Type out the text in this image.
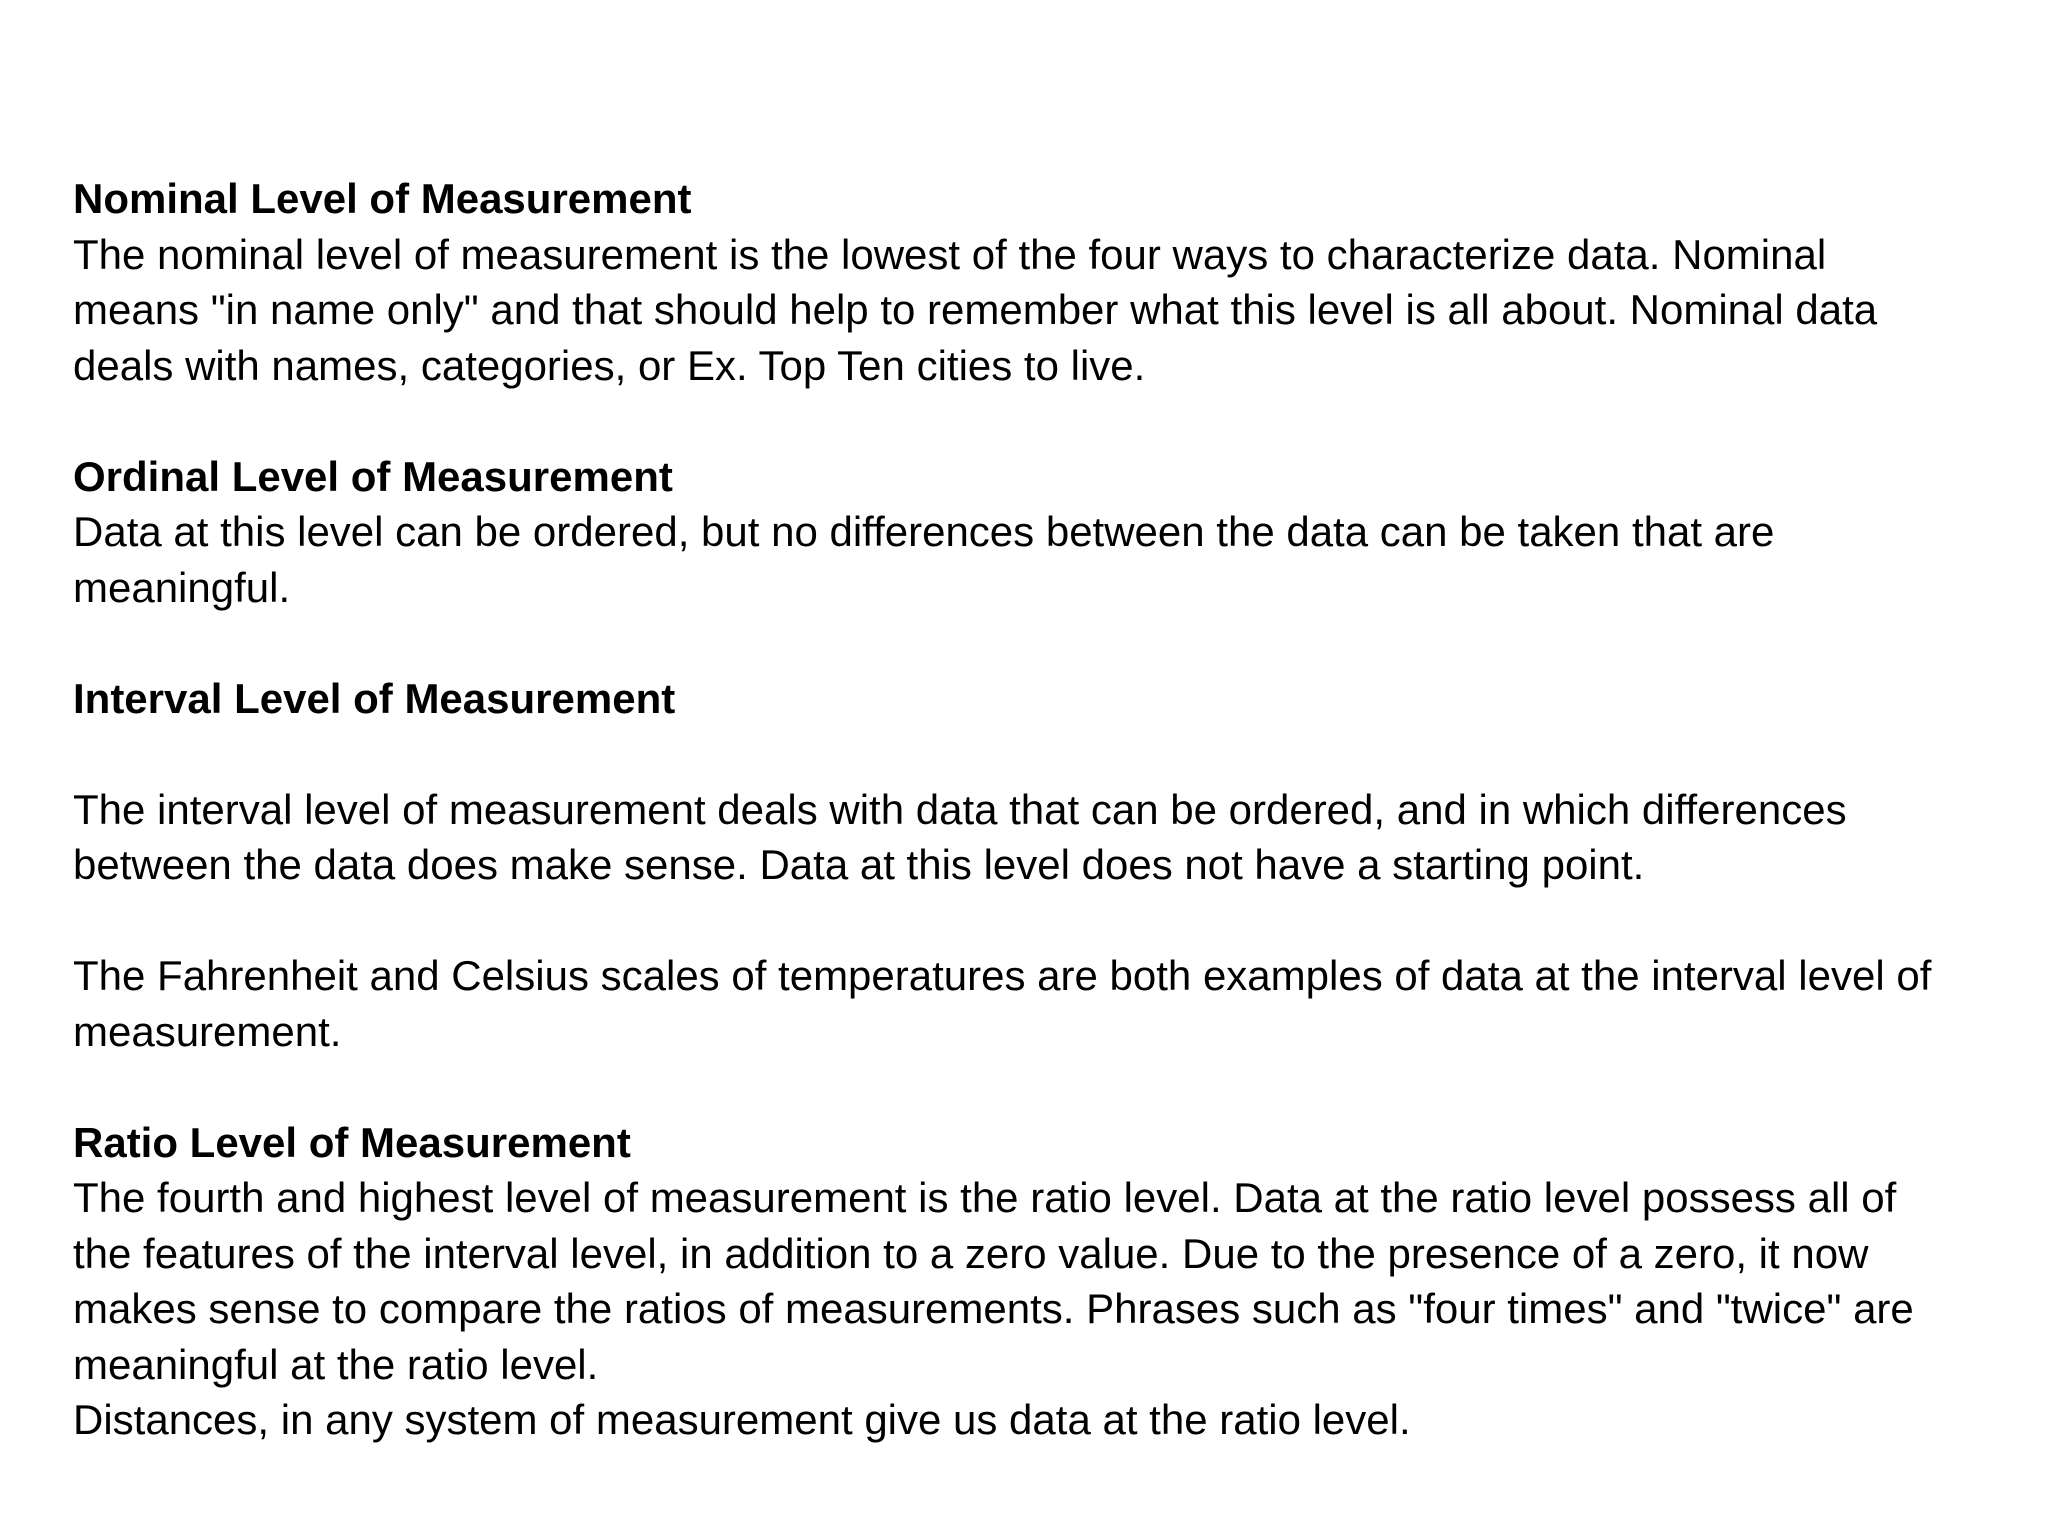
Nominal Level of Measurement
The nominal level of measurement is the lowest of the four ways to characterize data. Nominal
means "in name only" and that should help to remember what this level is all about. Nominal data
deals with names, categories, or Ex. Top Ten cities to live.
Ordinal Level of Measurement
Data at this level can be ordered, but no differences between the data can be taken that are
meaningful.
Interval Level of Measurement
The interval level of measurement deals with data that can be ordered, and in which differences
between the data does make sense. Data at this level does not have a starting point.
The Fahrenheit and Celsius scales of temperatures are both examples of data at the interval level of
measurement.
Ratio Level of Measurement
The fourth and highest level of measurement is the ratio level. Data at the ratio level possess all of
the features of the interval level, in addition to a zero value. Due to the presence of a zero, it now
makes sense to compare the ratios of measurements. Phrases such as "four times" and "twice" are
meaningful at the ratio level.
Distances, in any system of measurement give us data at the ratio level.
